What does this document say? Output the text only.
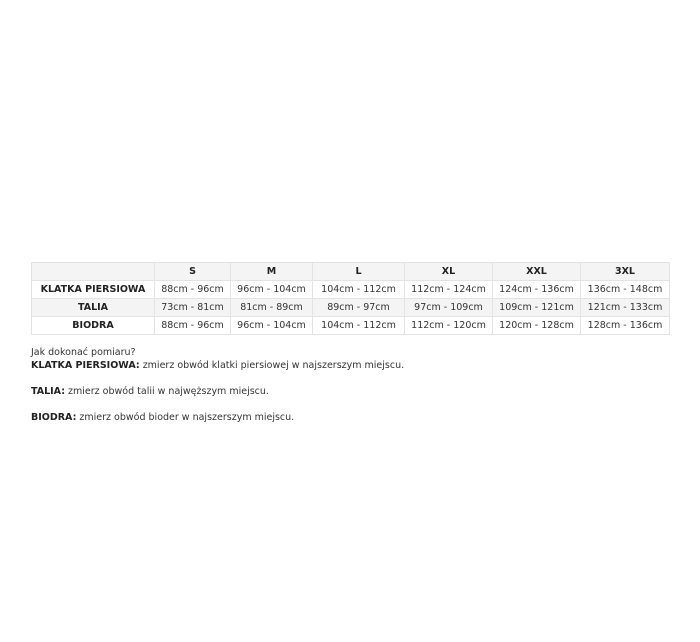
	S	M	L	XL	XXL	3XL
KLATKA PIERSIOWA	88cm - 96cm	96cm - 104cm	104cm - 112cm	112cm - 124cm	124cm - 136cm	136cm - 148cm
TALIA	73cm - 81cm	81cm - 89cm	89cm - 97cm	97cm - 109cm	109cm - 121cm	121cm - 133cm
BIODRA	88cm - 96cm	96cm - 104cm	104cm - 112cm	112cm - 120cm	120cm - 128cm	128cm - 136cm

Jak dokonać pomiaru?

KLATKA PIERSIOWA: zmierz obwód klatki piersiowej w najszerszym miejscu.

TALIA: zmierz obwód talii w najwęższym miejscu.

BIODRA: zmierz obwód bioder w najszerszym miejscu.
